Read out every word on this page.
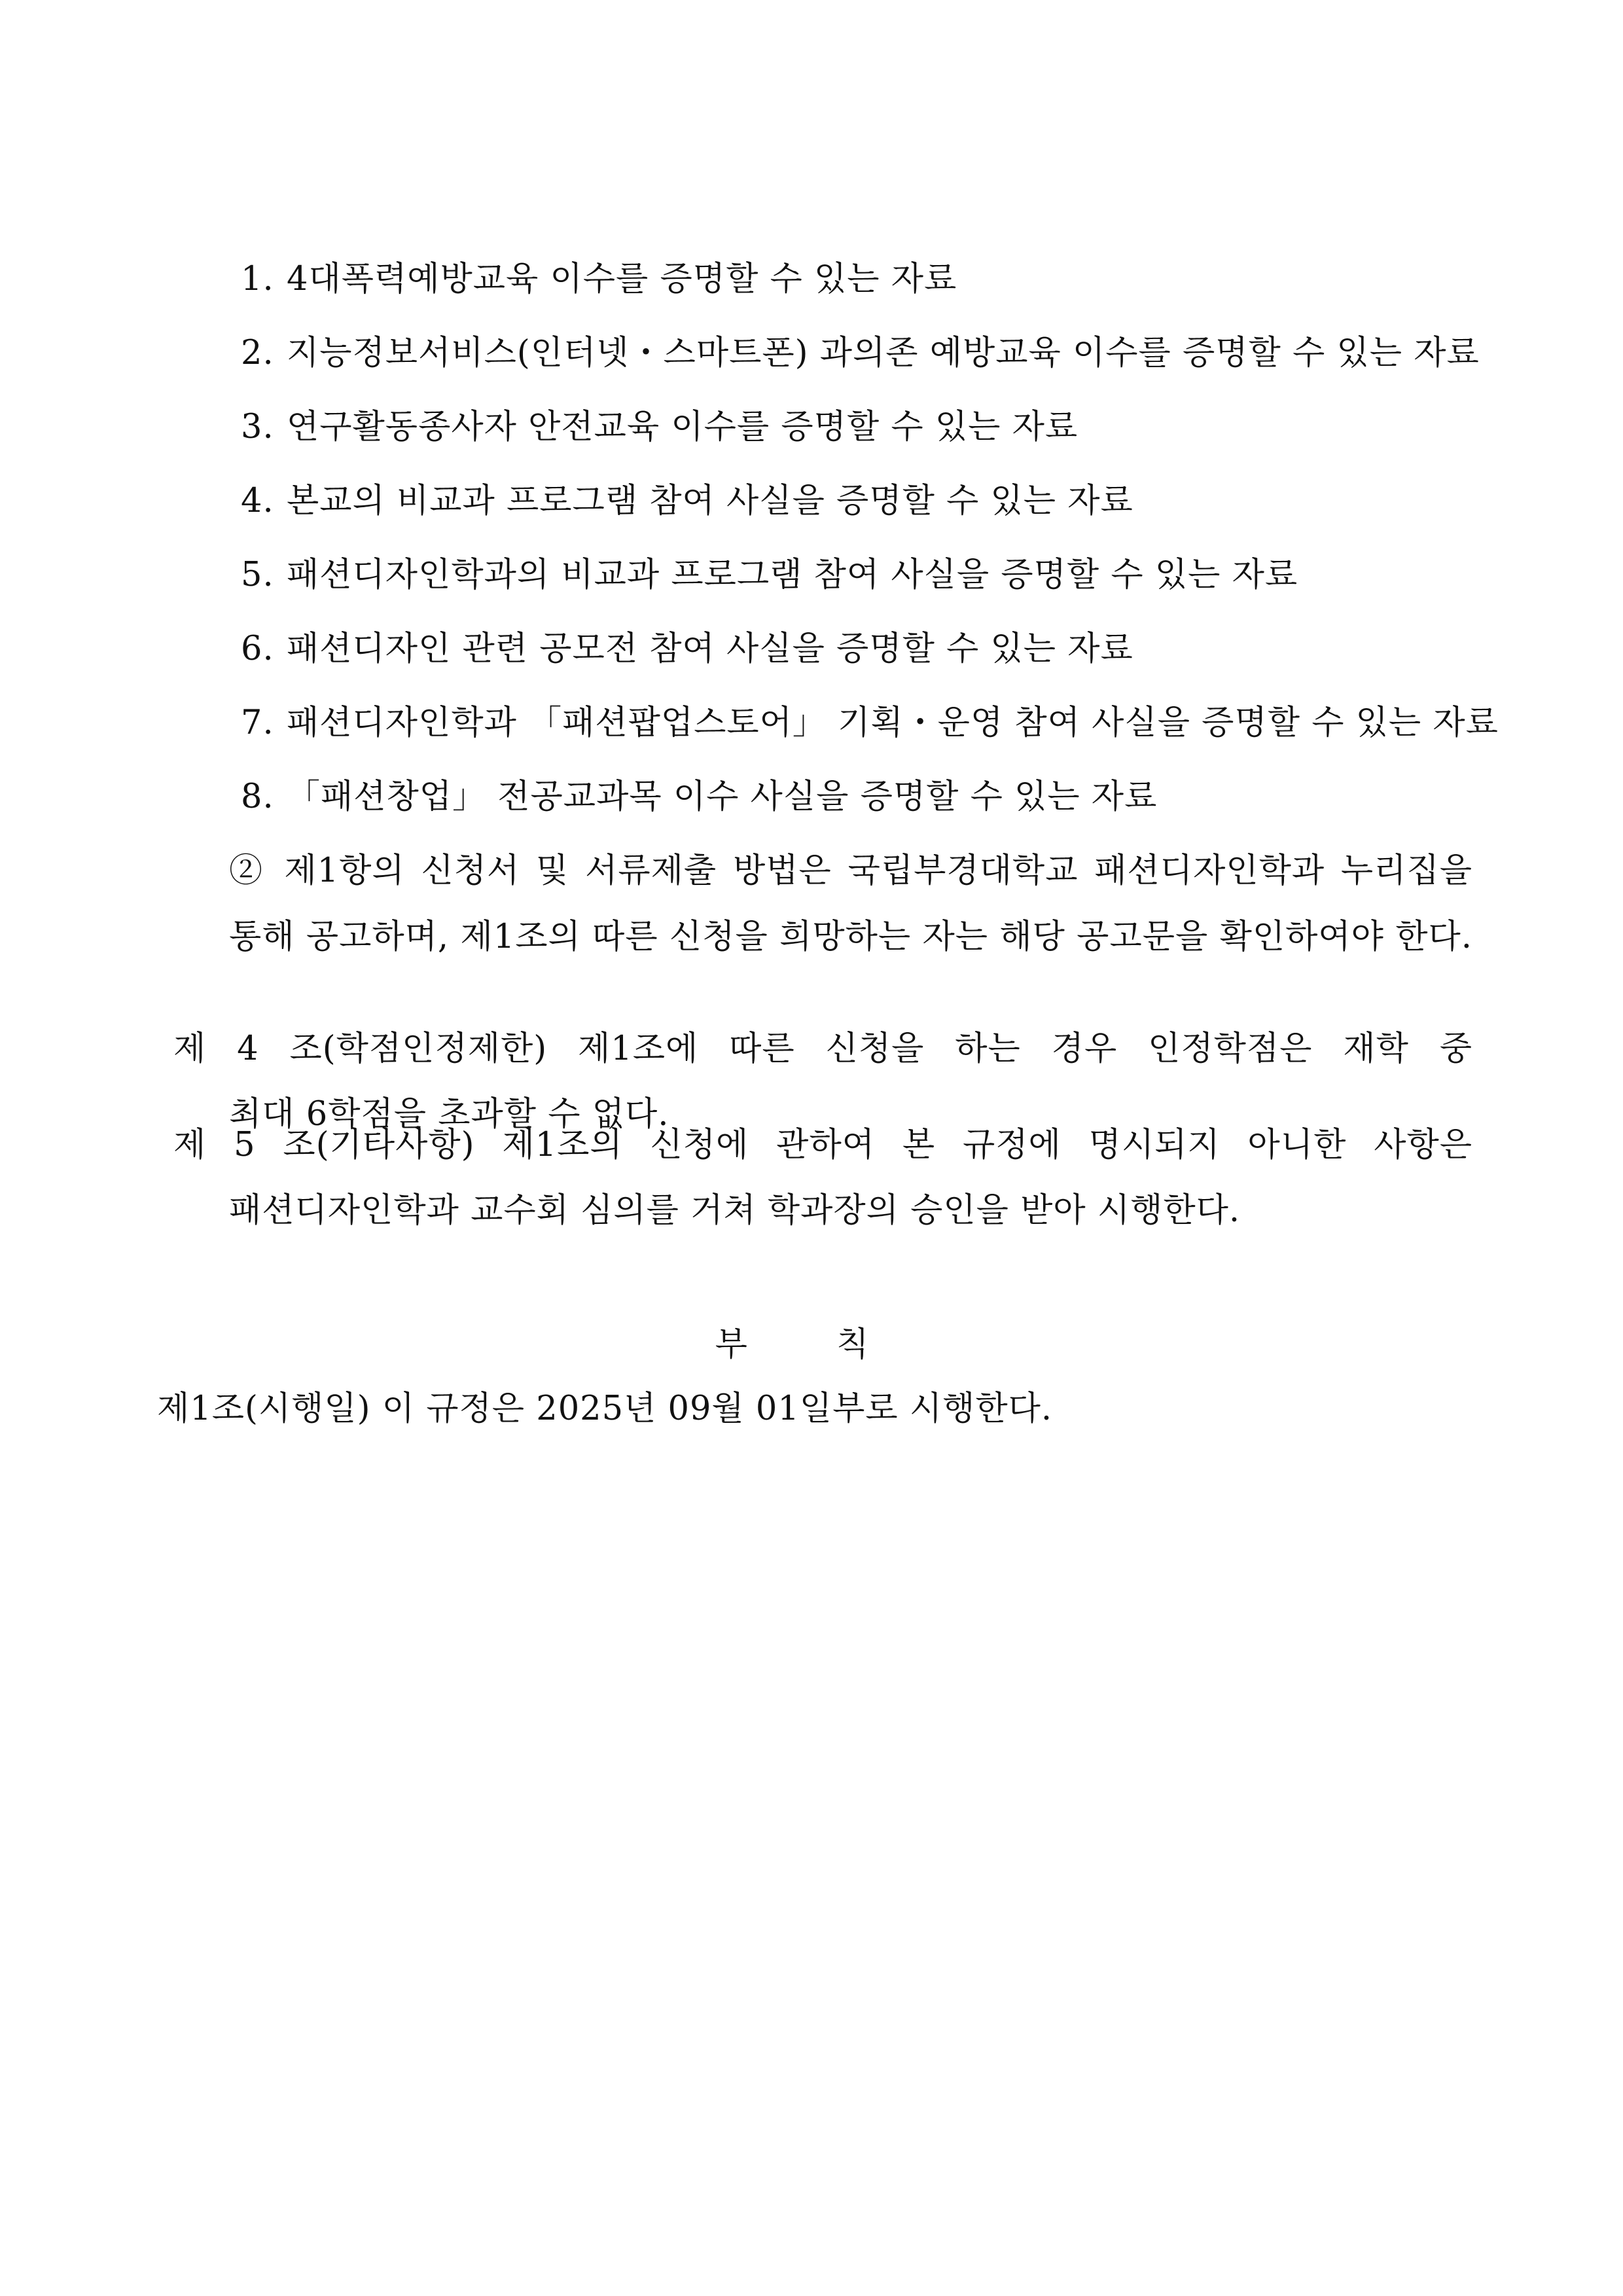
1. 4대폭력예방교육 이수를 증명할 수 있는 자료
2. 지능정보서비스(인터넷・스마트폰) 과의존 예방교육 이수를 증명할 수 있는 자료
3. 연구활동종사자 안전교육 이수를 증명할 수 있는 자료
4. 본교의 비교과 프로그램 참여 사실을 증명할 수 있는 자료
5. 패션디자인학과의 비교과 프로그램 참여 사실을 증명할 수 있는 자료
6. 패션디자인 관련 공모전 참여 사실을 증명할 수 있는 자료
7. 패션디자인학과 「패션팝업스토어」 기획・운영 참여 사실을 증명할 수 있는 자료
8. 「패션창업」 전공교과목 이수 사실을 증명할 수 있는 자료
② 제1항의 신청서 및 서류제출 방법은 국립부경대학교 패션디자인학과 누리집을
통해 공고하며, 제1조의 따른 신청을 희망하는 자는 해당 공고문을 확인하여야 한다.
제 4 조(학점인정제한) 제1조에 따른 신청을 하는 경우 인정학점은 재학 중
최대 6학점을 초과할 수 없다.
제 5 조(기타사항) 제1조의 신청에 관하여 본 규정에 명시되지 아니한 사항은
패션디자인학과 교수회 심의를 거쳐 학과장의 승인을 받아 시행한다.
부 칙
제1조(시행일) 이 규정은 2025년 09월 01일부로 시행한다.
